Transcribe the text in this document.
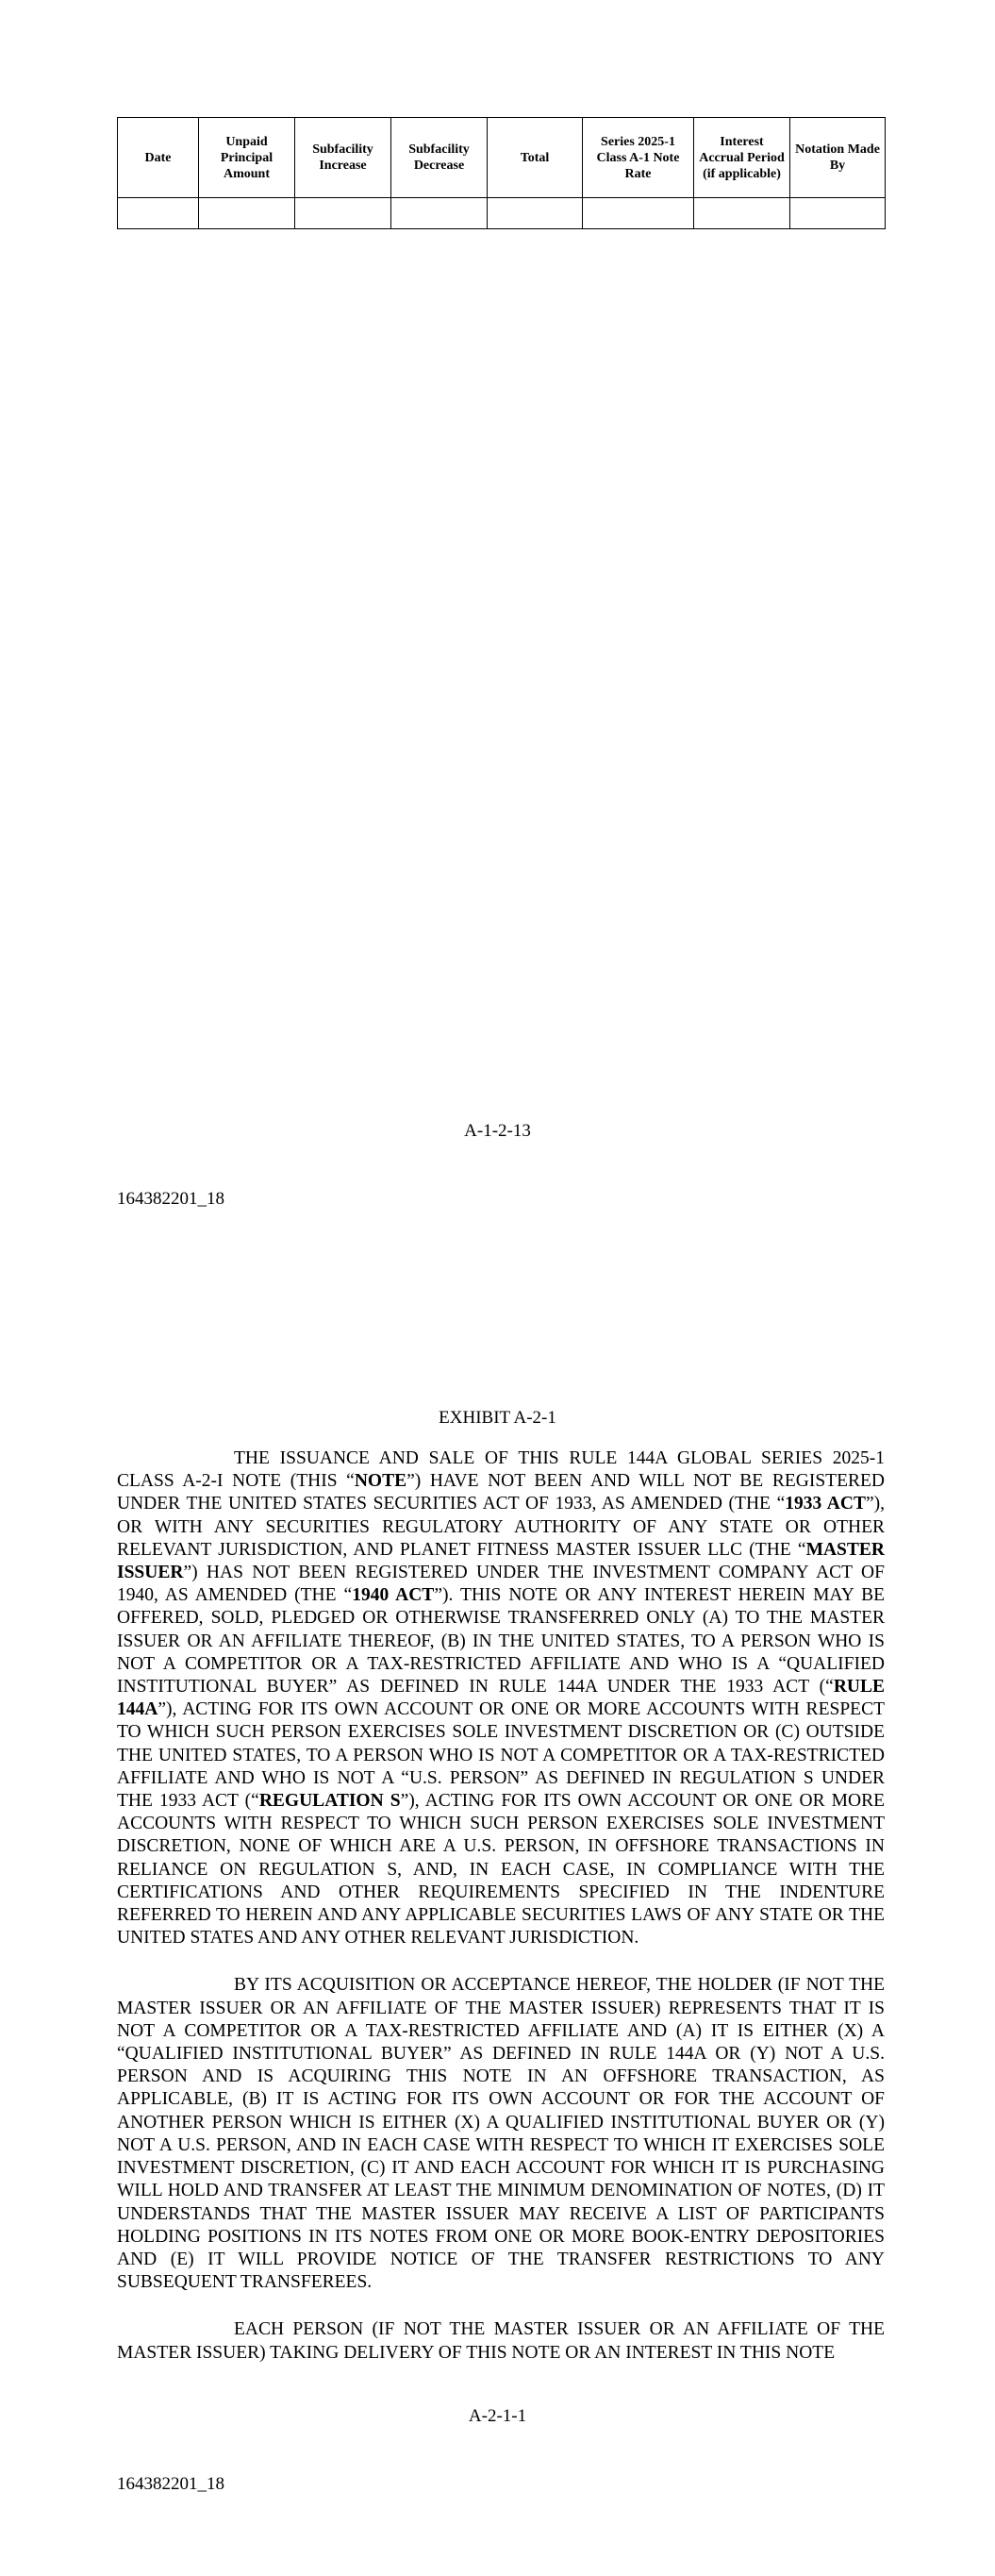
Date	Unpaid Principal Amount	Subfacility Increase	Subfacility Decrease	Total	Series 2025-1 Class A-1 Note Rate	Interest Accrual Period (if applicable)	Notation Made By

A-1-2-13
164382201_18
EXHIBIT A-2-1

THE ISSUANCE AND SALE OF THIS RULE 144A GLOBAL SERIES 2025-1 CLASS A-2-I NOTE (THIS “NOTE”) HAVE NOT BEEN AND WILL NOT BE REGISTERED UNDER THE UNITED STATES SECURITIES ACT OF 1933, AS AMENDED (THE “1933 ACT”), OR WITH ANY SECURITIES REGULATORY AUTHORITY OF ANY STATE OR OTHER RELEVANT JURISDICTION, AND PLANET FITNESS MASTER ISSUER LLC (THE “MASTER ISSUER”) HAS NOT BEEN REGISTERED UNDER THE INVESTMENT COMPANY ACT OF 1940, AS AMENDED (THE “1940 ACT”). THIS NOTE OR ANY INTEREST HEREIN MAY BE OFFERED, SOLD, PLEDGED OR OTHERWISE TRANSFERRED ONLY (A) TO THE MASTER ISSUER OR AN AFFILIATE THEREOF, (B) IN THE UNITED STATES, TO A PERSON WHO IS NOT A COMPETITOR OR A TAX-RESTRICTED AFFILIATE AND WHO IS A “QUALIFIED INSTITUTIONAL BUYER” AS DEFINED IN RULE 144A UNDER THE 1933 ACT (“RULE 144A”), ACTING FOR ITS OWN ACCOUNT OR ONE OR MORE ACCOUNTS WITH RESPECT TO WHICH SUCH PERSON EXERCISES SOLE INVESTMENT DISCRETION OR (C) OUTSIDE THE UNITED STATES, TO A PERSON WHO IS NOT A COMPETITOR OR A TAX-RESTRICTED AFFILIATE AND WHO IS NOT A “U.S. PERSON” AS DEFINED IN REGULATION S UNDER THE 1933 ACT (“REGULATION S”), ACTING FOR ITS OWN ACCOUNT OR ONE OR MORE ACCOUNTS WITH RESPECT TO WHICH SUCH PERSON EXERCISES SOLE INVESTMENT DISCRETION, NONE OF WHICH ARE A U.S. PERSON, IN OFFSHORE TRANSACTIONS IN RELIANCE ON REGULATION S, AND, IN EACH CASE, IN COMPLIANCE WITH THE CERTIFICATIONS AND OTHER REQUIREMENTS SPECIFIED IN THE INDENTURE REFERRED TO HEREIN AND ANY APPLICABLE SECURITIES LAWS OF ANY STATE OR THE UNITED STATES AND ANY OTHER RELEVANT JURISDICTION.

BY ITS ACQUISITION OR ACCEPTANCE HEREOF, THE HOLDER (IF NOT THE MASTER ISSUER OR AN AFFILIATE OF THE MASTER ISSUER) REPRESENTS THAT IT IS NOT A COMPETITOR OR A TAX-RESTRICTED AFFILIATE AND (A) IT IS EITHER (X) A “QUALIFIED INSTITUTIONAL BUYER” AS DEFINED IN RULE 144A OR (Y) NOT A U.S. PERSON AND IS ACQUIRING THIS NOTE IN AN OFFSHORE TRANSACTION, AS APPLICABLE, (B) IT IS ACTING FOR ITS OWN ACCOUNT OR FOR THE ACCOUNT OF ANOTHER PERSON WHICH IS EITHER (X) A QUALIFIED INSTITUTIONAL BUYER OR (Y) NOT A U.S. PERSON, AND IN EACH CASE WITH RESPECT TO WHICH IT EXERCISES SOLE INVESTMENT DISCRETION, (C) IT AND EACH ACCOUNT FOR WHICH IT IS PURCHASING WILL HOLD AND TRANSFER AT LEAST THE MINIMUM DENOMINATION OF NOTES, (D) IT UNDERSTANDS THAT THE MASTER ISSUER MAY RECEIVE A LIST OF PARTICIPANTS HOLDING POSITIONS IN ITS NOTES FROM ONE OR MORE BOOK-ENTRY DEPOSITORIES AND (E) IT WILL PROVIDE NOTICE OF THE TRANSFER RESTRICTIONS TO ANY SUBSEQUENT TRANSFEREES.

EACH PERSON (IF NOT THE MASTER ISSUER OR AN AFFILIATE OF THE MASTER ISSUER) TAKING DELIVERY OF THIS NOTE OR AN INTEREST IN THIS NOTE

A-2-1-1
164382201_18
